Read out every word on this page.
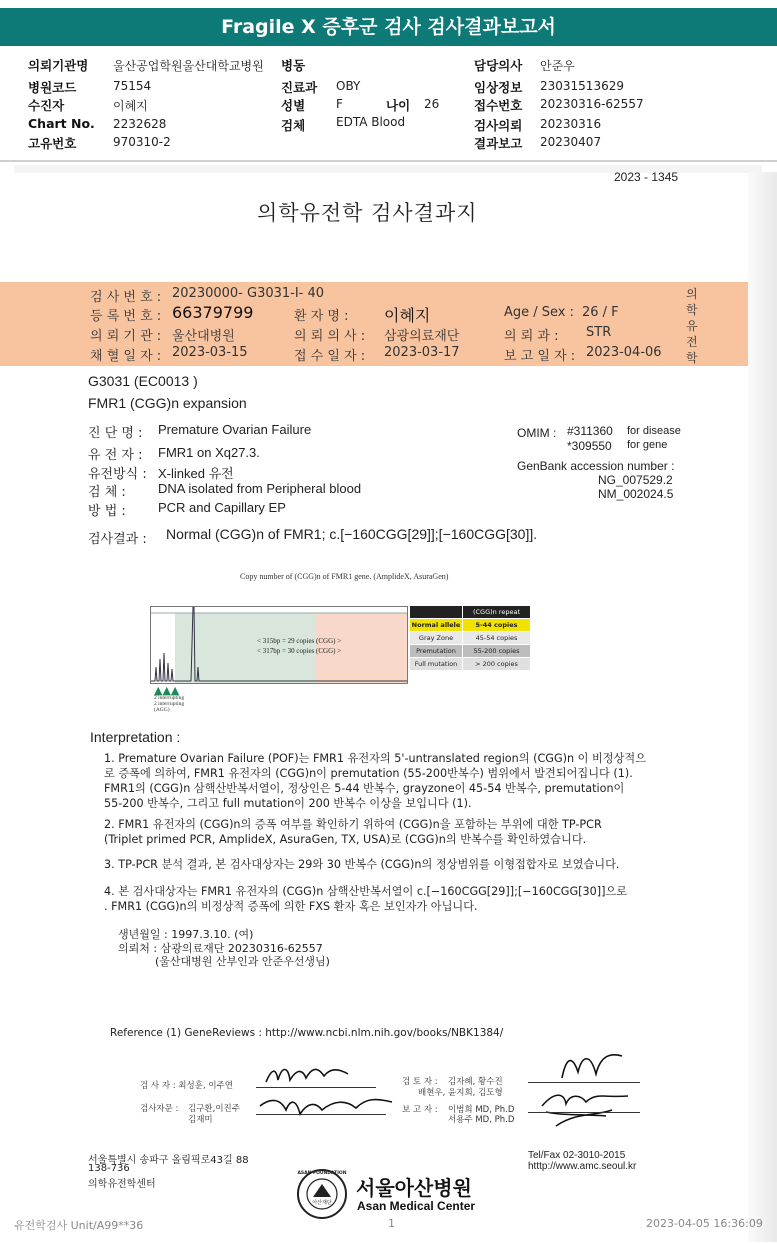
Fragile X 증후군 검사 검사결과보고서
의뢰기관명 울산공업학원울산대학교병원
병원코드	75154
수진자	이혜지
Chart No. 2232628
고유번호	970310-2
병동
진료과 OBY
성별	F	나이 26
검체	EDTA Blood
담당의사 안준우
임상정보 23031513629
접수번호 20230316-62557
검사의뢰 20230316
결과보고 20230407
2023 - 1345
의학유전학 검사결과지
검 사 번 호 : 20230000- G3031-I- 40
등 록 번 호 : 66379799	환 자 명 : 이혜지	Age / Sex : 26 / F
의 뢰 기 관 : 울산대병원	의 뢰 의 사 : 삼광의료재단	의 뢰 과 : STR
채 혈 일 자 : 2023-03-15	접 수 일 자 : 2023-03-17	보 고 일 자 : 2023-04-06
의학유전학
G3031 (EC0013 )
FMR1 (CGG)n expansion
진 단 명 : Premature Ovarian Failure
유 전 자 : FMR1 on Xq27.3.
유전방식 : X-linked 유전
검 체 : DNA isolated from Peripheral blood
방 법 : PCR and Capillary EP
OMIM : #311360 for disease
*309550 for gene
GenBank accession number :
NG_007529.2
NM_002024.5
검사결과 : Normal (CGG)n of FMR1; c.[−160CGG[29]];[−160CGG[30]].
Copy number of (CGG)n of FMR1 gene. (AmplideX, AsuraGen)
< 315bp = 29 copies (CGG) >
< 317bp = 30 copies (CGG) >
▲▲▲
2 interrupting
2 interrupting
(AGG)
(CGG)n repeat
Normal allele	5-44 copies
Gray Zone	45-54 copies
Premutation	55-200 copies
Full mutation	> 200 copies
Interpretation :
1. Premature Ovarian Failure (POF)는 FMR1 유전자의 5'-untranslated region의 (CGG)n 이 비정상적으
로 증폭에 의하여, FMR1 유전자의 (CGG)n이 premutation (55-200반복수) 범위에서 발견되어집니다 (1).
FMR1의 (CGG)n 삼핵산반복서열이, 정상인은 5-44 반복수, grayzone이 45-54 반복수, premutation이
55-200 반복수, 그리고 full mutation이 200 반복수 이상을 보입니다 (1).
2. FMR1 유전자의 (CGG)n의 증폭 여부를 확인하기 위하여 (CGG)n을 포함하는 부위에 대한 TP-PCR
(Triplet primed PCR, AmplideX, AsuraGen, TX, USA)로 (CGG)n의 반복수를 확인하였습니다.
3. TP-PCR 분석 결과, 본 검사대상자는 29와 30 반복수 (CGG)n의 정상범위를 이형접합자로 보였습니다.
4. 본 검사대상자는 FMR1 유전자의 (CGG)n 삼핵산반복서열이 c.[−160CGG[29]];[−160CGG[30]]으로
. FMR1 (CGG)n의 비정상적 증폭에 의한 FXS 환자 혹은 보인자가 아닙니다.
생년월일 : 1997.3.10. (여)
의뢰처 : 삼광의료재단 20230316-62557
(울산대병원 산부인과 안준우선생님)
Reference (1) GeneReviews : http://www.ncbi.nlm.nih.gov/books/NBK1384/
검 사 자 : 최성훈, 이주연
검사자문 : 김구환,이진주
김재미
검 토 자 : 김자혜, 황수진
배현우, 윤지희, 김도형
보 고 자 : 이범희 MD, Ph.D
서용주 MD, Ph.D
서울특별시 송파구 올림픽로43길 88
138-736
의학유전학센터
Tel/Fax 02-3010-2015
htttp://www.amc.seoul.kr
ASAN FOUNDATION
아산재단
서울아산병원
Asan Medical Center
유전학검사 Unit/A99**36	1	2023-04-05 16:36:09
